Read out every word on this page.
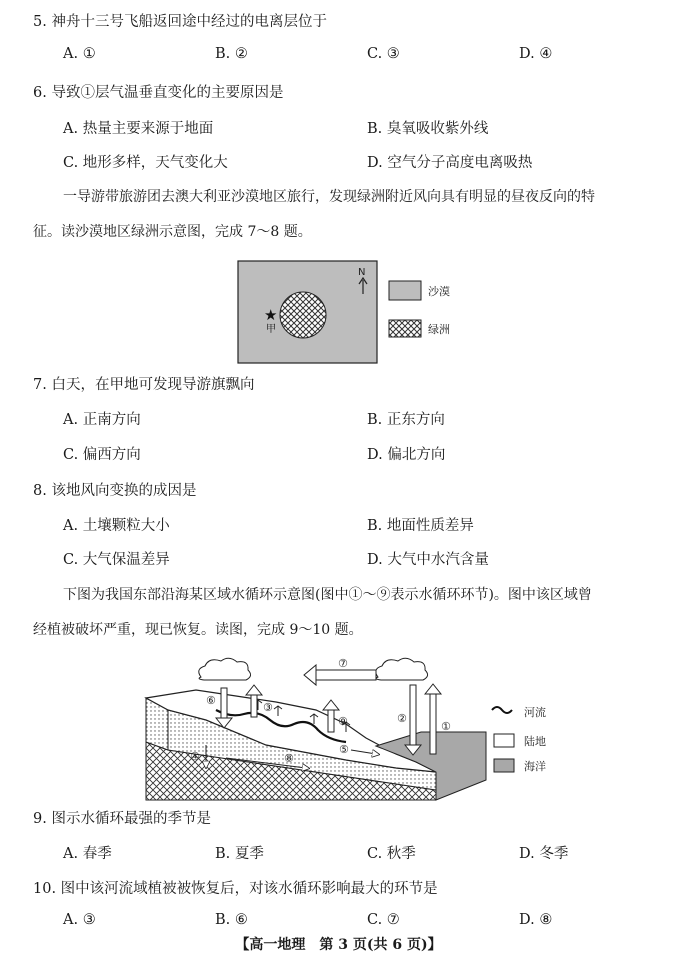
5. 神舟十三号飞船返回途中经过的电离层位于
A. ①	B. ②	C. ③	D. ④
6. 导致①层气温垂直变化的主要原因是
A. 热量主要来源于地面	B. 臭氧吸收紫外线
C. 地形多样，天气变化大	D. 空气分子高度电离吸热
一导游带旅游团去澳大利亚沙漠地区旅行，发现绿洲附近风向具有明显的昼夜反向的特
征。读沙漠地区绿洲示意图，完成 7～8 题。
N
★
甲
沙漠
绿洲
7. 白天，在甲地可发现导游旗飘向
A. 正南方向	B. 正东方向
C. 偏西方向	D. 偏北方向
8. 该地风向变换的成因是
A. 土壤颗粒大小	B. 地面性质差异
C. 大气保温差异	D. 大气中水汽含量
下图为我国东部沿海某区域水循环示意图(图中①～⑨表示水循环环节)。图中该区域曾
经植被破坏严重，现已恢复。读图，完成 9～10 题。
⑦
⑥
③
⑨	②
①
④
⑤
⑧
河流
陆地
海洋
9. 图示水循环最强的季节是
A. 春季	B. 夏季	C. 秋季	D. 冬季
10. 图中该河流域植被被恢复后，对该水循环影响最大的环节是
A. ③	B. ⑥	C. ⑦	D. ⑧
【高一地理　第 3 页(共 6 页)】
